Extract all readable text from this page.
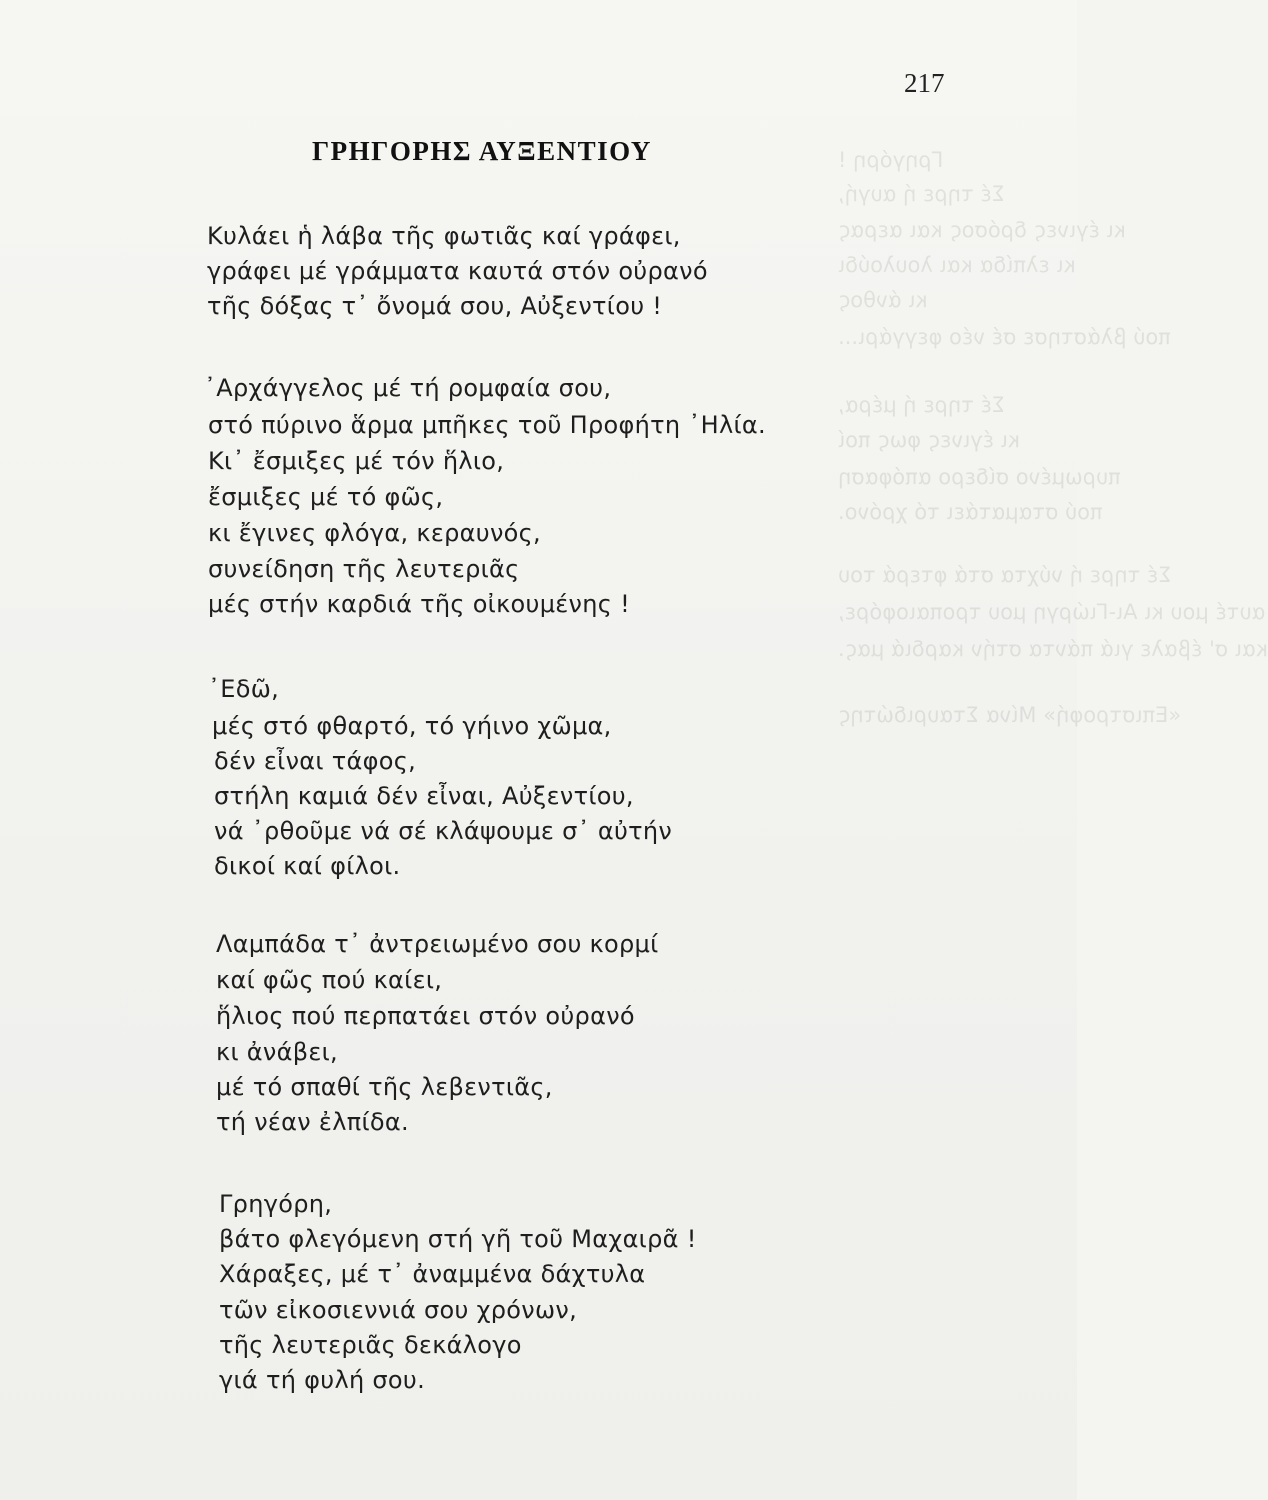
Γρηγόρη !
Σέ τηρε ή αυγή,
κι έγινες δρόσος και αερας
κι ελπίδα και λουλούδι
κι άνθος
πού βλάστησε σέ νέο φεγγάρι...
Σέ τηρε ή μέρα,
κι έγινες φως ποί
πυρωμένο σίδερο απόφαση
πού σταματάει τό χρόνο.
Σέ τηρε ή νύχτα στά φτερά του
αυτέ μου κι Αι-Γιώργη μου τροπαιοφόρε,
και σ' έβαλε γιά πάντα στήν καρδιά μας.
«Επιστροφή» Μίνα Σταυριδώτης
217
ΓΡΗΓΟΡΗΣ ΑΥΞΕΝΤΙΟΥ
Κυλάει ἡ λάβα τῆς φωτιᾶς καί γράφει,
γράφει μέ γράμματα καυτά στόν οὐρανό
τῆς δόξας τ᾽ ὄνομά σου, Αὐξεντίου !
᾽Αρχάγγελος μέ τή ρομφαία σου,
στό πύρινο ἅρμα μπῆκες τοῦ Προφήτη ᾽Ηλία.
Κι᾽ ἔσμιξες μέ τόν ἥλιο,
ἔσμιξες μέ τό φῶς,
κι ἔγινες φλόγα, κεραυνός,
συνείδηση τῆς λευτεριᾶς
μές στήν καρδιά τῆς οἰκουμένης !
᾽Εδῶ,
μές στό φθαρτό, τό γήινο χῶμα,
δέν εἶναι τάφος,
στήλη καμιά δέν εἶναι, Αὐξεντίου,
νά ᾽ρθοῦμε νά σέ κλάψουμε σ᾽ αὐτήν
δικοί καί φίλοι.
Λαμπάδα τ᾽ ἀντρειωμένο σου κορμί
καί φῶς πού καίει,
ἥλιος πού περπατάει στόν οὐρανό
κι ἀνάβει,
μέ τό σπαθί τῆς λεβεντιᾶς,
τή νέαν ἐλπίδα.
Γρηγόρη,
βάτο φλεγόμενη στή γῆ τοῦ Μαχαιρᾶ !
Χάραξες, μέ τ᾽ ἀναμμένα δάχτυλα
τῶν εἰκοσιεννιά σου χρόνων,
τῆς λευτεριᾶς δεκάλογο
γιά τή φυλή σου.
